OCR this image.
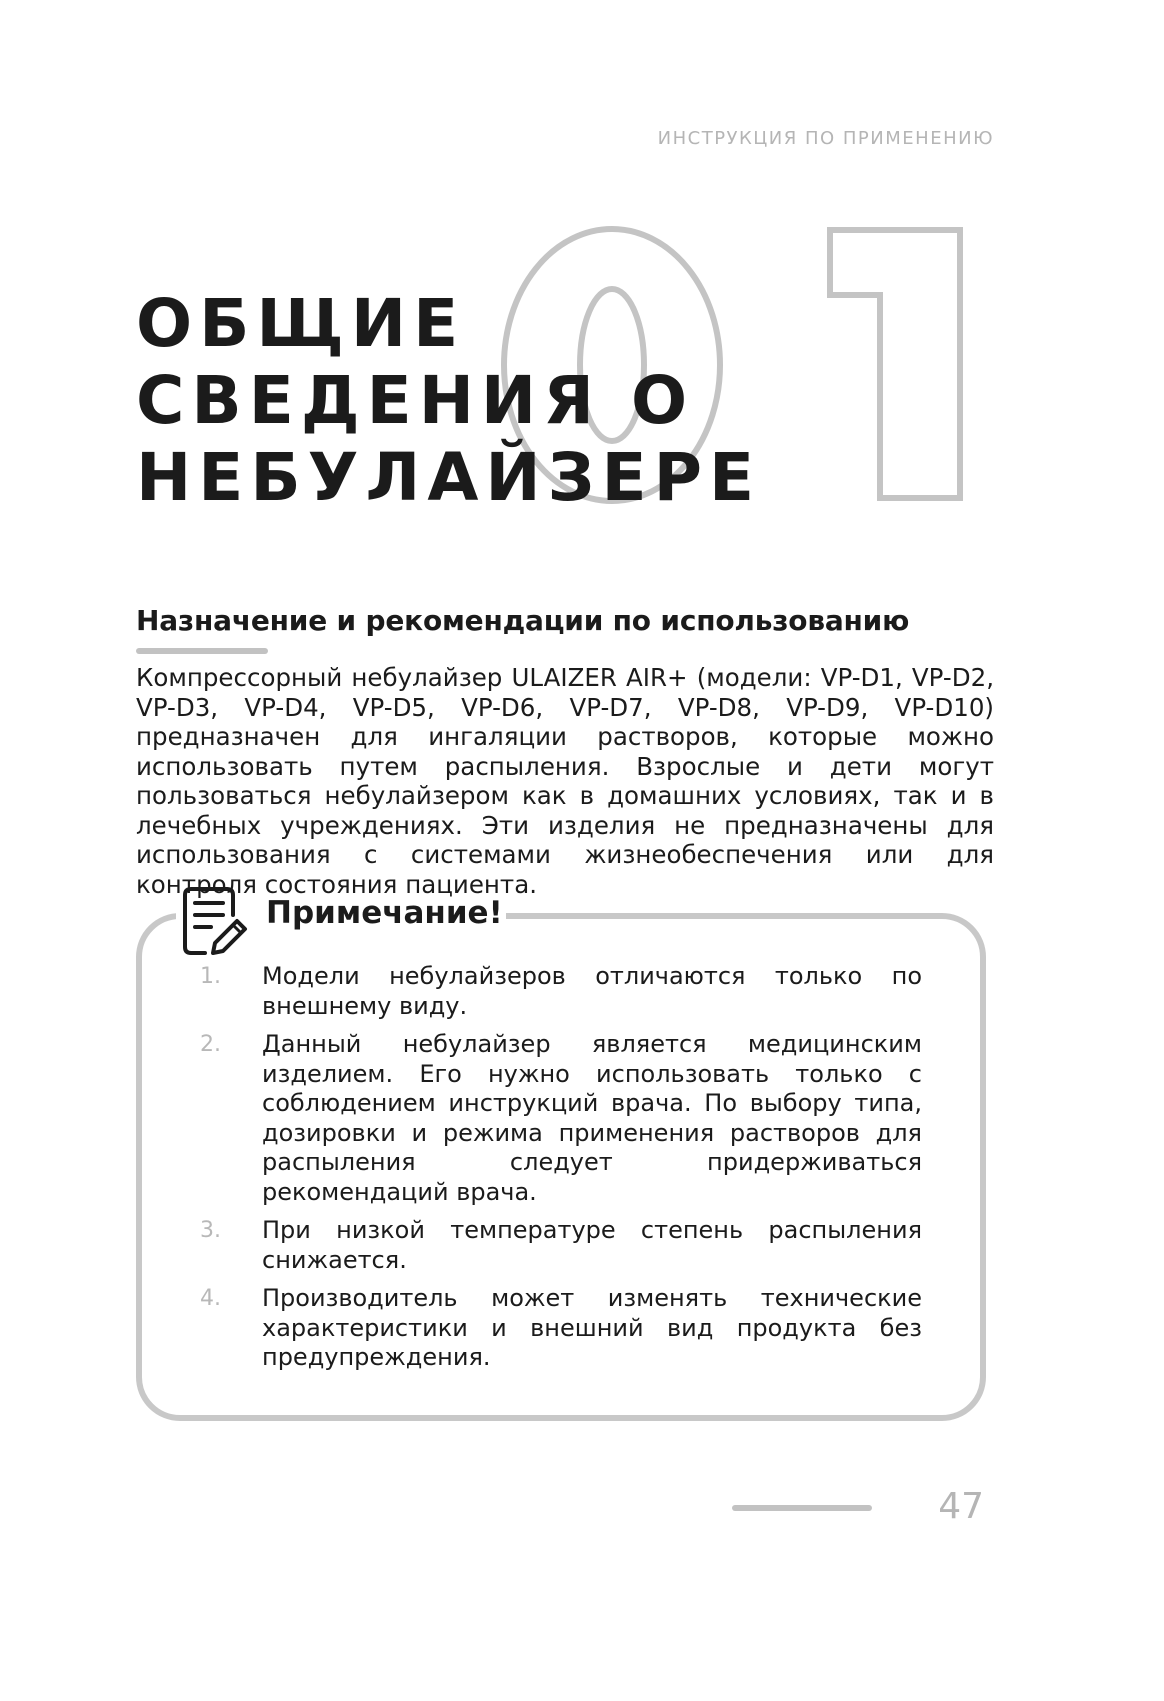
ИНСТРУКЦИЯ ПО ПРИМЕНЕНИЮ
01
ОБЩИЕ
СВЕДЕНИЯ О
НЕБУЛАЙЗЕРЕ
Назначение и рекомендации по использованию

Компрессорный небулайзер ULAIZER AIR+ (модели: VP-D1, VP-D2, VP-D3, VP-D4, VP-D5, VP-D6, VP-D7, VP-D8, VP-D9, VP-D10) предназначен для ингаляции растворов, которые можно использовать путем распыления. Взрослые и дети могут пользоваться небулайзером как в домашних условиях, так и в лечебных учреждениях. Эти изделия не предназначены для использования с системами жизнеобеспечения или для контроля состояния пациента.

Примечание!
1. Модели небулайзеров отличаются только по внешнему виду.
2. Данный небулайзер является медицинским изделием. Его нужно использовать только с соблюдением инструкций врача. По выбору типа, дозировки и режима применения растворов для распыления следует придерживаться рекомендаций врача.
3. При низкой температуре степень распыления снижается.
4. Производитель может изменять технические характеристики и внешний вид продукта без предупреждения.
47
